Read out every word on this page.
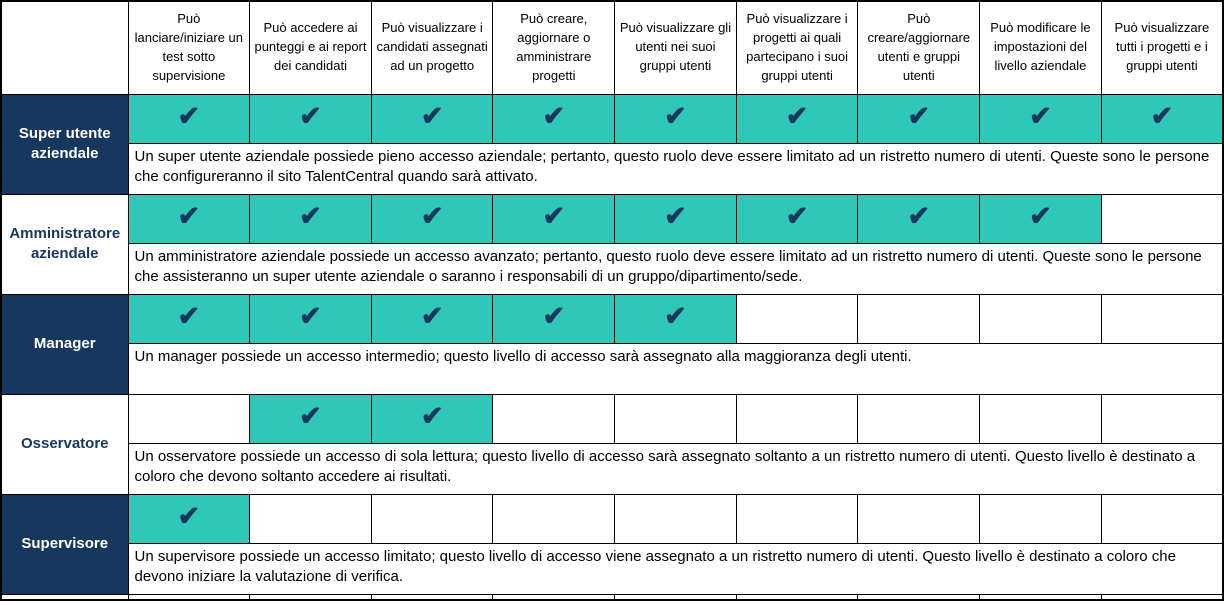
	Può lanciare/iniziare un test sotto supervisione	Può accedere ai punteggi e ai report dei candidati	Può visualizzare i candidati assegnati ad un progetto	Può creare, aggiornare o amministrare progetti	Può visualizzare gli utenti nei suoi gruppi utenti	Può visualizzare i progetti ai quali partecipano i suoi gruppi utenti	Può creare/aggiornare utenti e gruppi utenti	Può modificare le impostazioni del livello aziendale	Può visualizzare tutti i progetti e i gruppi utenti
Super utente aziendale	✔	✔	✔	✔	✔	✔	✔	✔	✔
	Un super utente aziendale possiede pieno accesso aziendale; pertanto, questo ruolo deve essere limitato ad un ristretto numero di utenti. Queste sono le persone che configureranno il sito TalentCentral quando sarà attivato.								
Amministratore aziendale	✔	✔	✔	✔	✔	✔	✔	✔	
	Un amministratore aziendale possiede un accesso avanzato; pertanto, questo ruolo deve essere limitato ad un ristretto numero di utenti. Queste sono le persone che assisteranno un super utente aziendale o saranno i responsabili di un gruppo/dipartimento/sede.								
Manager	✔	✔	✔	✔	✔				
	Un manager possiede un accesso intermedio; questo livello di accesso sarà assegnato alla maggioranza degli utenti.								
Osservatore		✔	✔						
	Un osservatore possiede un accesso di sola lettura; questo livello di accesso sarà assegnato soltanto a un ristretto numero di utenti. Questo livello è destinato a coloro che devono soltanto accedere ai risultati.								
Supervisore	✔								
	Un supervisore possiede un accesso limitato; questo livello di accesso viene assegnato a un ristretto numero di utenti. Questo livello è destinato a coloro che devono iniziare la valutazione di verifica.								
